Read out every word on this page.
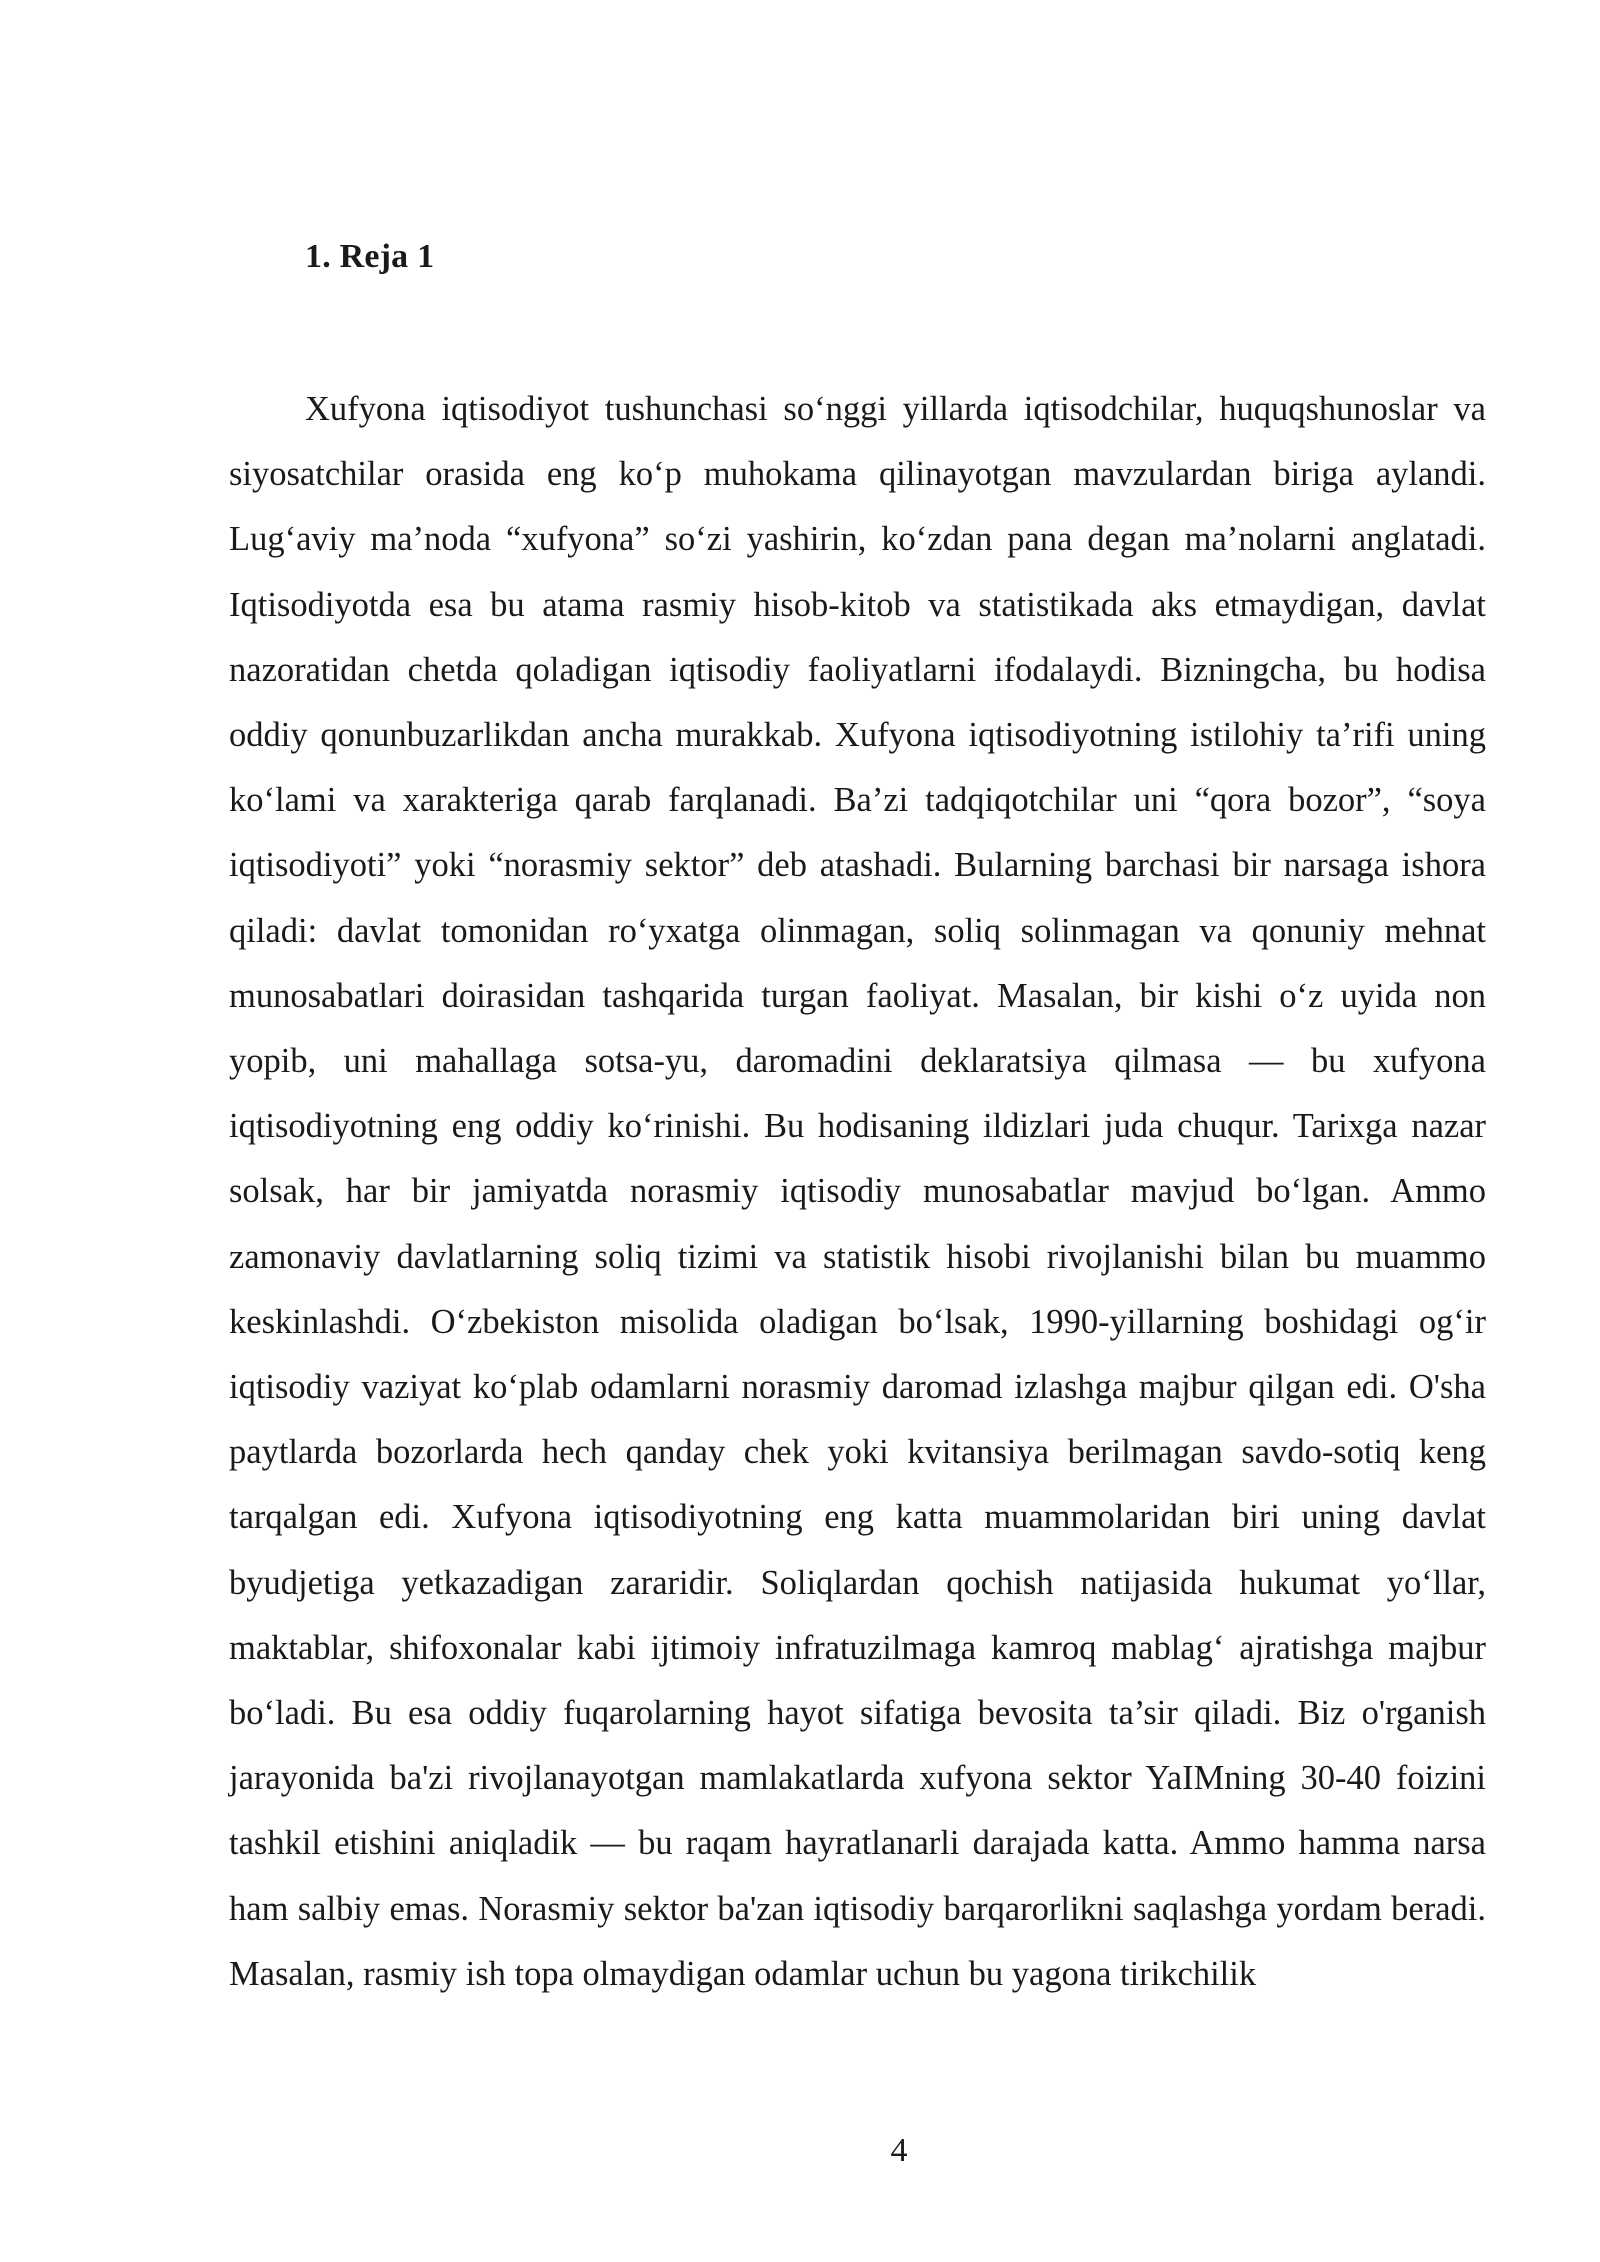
1. Reja 1

Xufyona iqtisodiyot tushunchasi so‘nggi yillarda iqtisodchilar, huquqshunoslar va siyosatchilar orasida eng ko‘p muhokama qilinayotgan mavzulardan biriga aylandi. Lug‘aviy ma’noda “xufyona” so‘zi yashirin, ko‘zdan pana degan ma’nolarni anglatadi. Iqtisodiyotda esa bu atama rasmiy hisob-kitob va statistikada aks etmaydigan, davlat nazoratidan chetda qoladigan iqtisodiy faoliyatlarni ifodalaydi. Bizningcha, bu hodisa oddiy qonunbuzarlikdan ancha murakkab. Xufyona iqtisodiyotning istilohiy ta’rifi uning ko‘lami va xarakteriga qarab farqlanadi. Ba’zi tadqiqotchilar uni “qora bozor”, “soya iqtisodiyoti” yoki “norasmiy sektor” deb atashadi. Bularning barchasi bir narsaga ishora qiladi: davlat tomonidan ro‘yxatga olinmagan, soliq solinmagan va qonuniy mehnat munosabatlari doirasidan tashqarida turgan faoliyat. Masalan, bir kishi o‘z uyida non yopib, uni mahallaga sotsa-yu, daromadini deklaratsiya qilmasa — bu xufyona iqtisodiyotning eng oddiy ko‘rinishi. Bu hodisaning ildizlari juda chuqur. Tarixga nazar solsak, har bir jamiyatda norasmiy iqtisodiy munosabatlar mavjud bo‘lgan. Ammo zamonaviy davlatlarning soliq tizimi va statistik hisobi rivojlanishi bilan bu muammo keskinlashdi. O‘zbekiston misolida oladigan bo‘lsak, 1990-yillarning boshidagi og‘ir iqtisodiy vaziyat ko‘plab odamlarni norasmiy daromad izlashga majbur qilgan edi. O'sha paytlarda bozorlarda hech qanday chek yoki kvitansiya berilmagan savdo-sotiq keng tarqalgan edi. Xufyona iqtisodiyotning eng katta muammolaridan biri uning davlat byudjetiga yetkazadigan zararidir. Soliqlardan qochish natijasida hukumat yo‘llar, maktablar, shifoxonalar kabi ijtimoiy infratuzilmaga kamroq mablag‘ ajratishga majbur bo‘ladi. Bu esa oddiy fuqarolarning hayot sifatiga bevosita ta’sir qiladi. Biz o'rganish jarayonida ba'zi rivojlanayotgan mamlakatlarda xufyona sektor YaIMning 30-40 foizini tashkil etishini aniqladik — bu raqam hayratlanarli darajada katta. Ammo hamma narsa ham salbiy emas. Norasmiy sektor ba'zan iqtisodiy barqarorlikni saqlashga yordam beradi. Masalan, rasmiy ish topa olmaydigan odamlar uchun bu yagona tirikchilik

4
